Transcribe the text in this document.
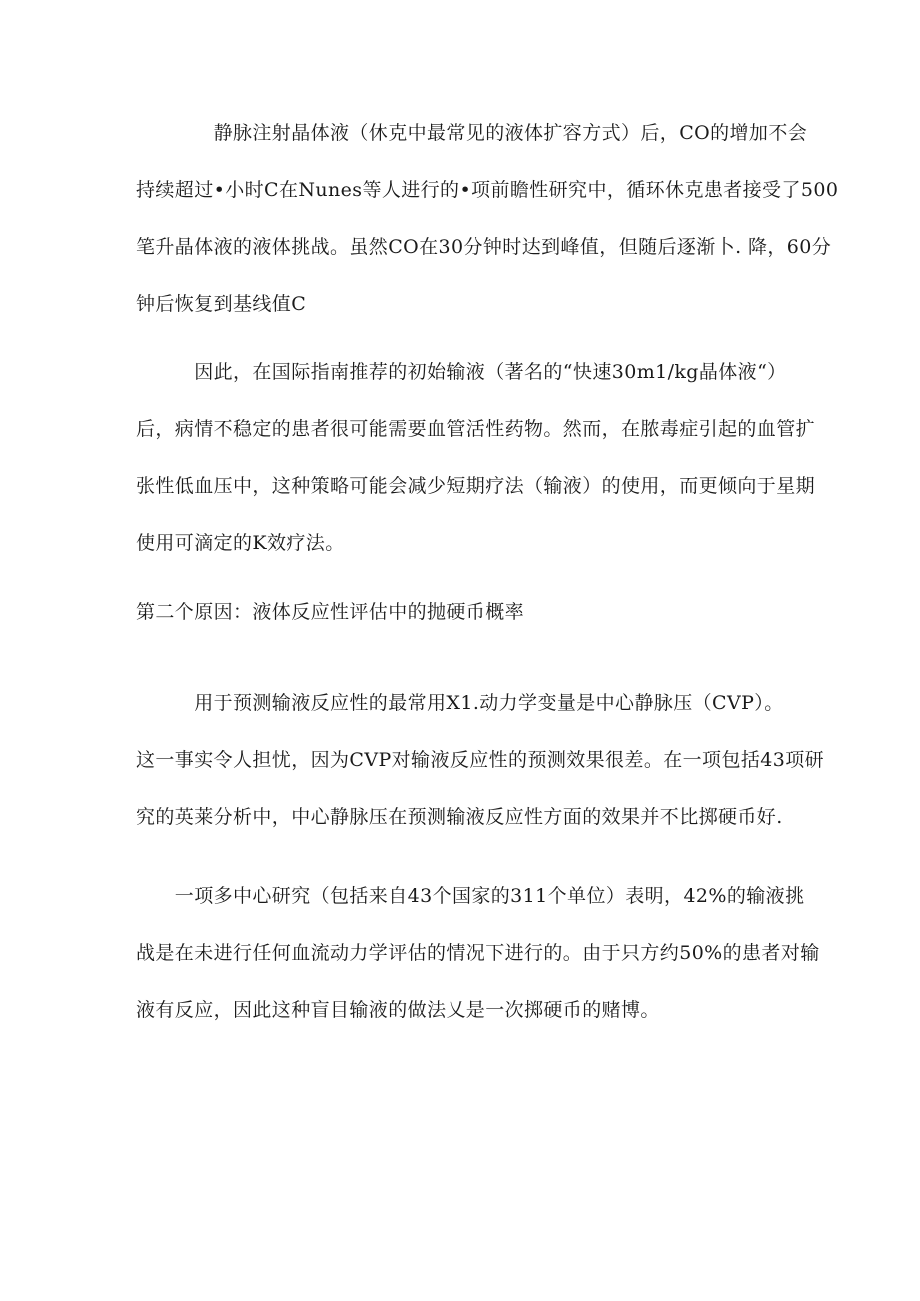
　　　　静脉注射晶体液（休克中最常见的液体扩容方式）后，CO的增加不会
持续超过•小时C在Nunes等人进行的•项前瞻性研究中，循环休克患者接受了500
笔升晶体液的液体挑战。虽然CO在30分钟时达到峰值，但随后逐渐卜. 降，60分
钟后恢复到基线值C
　　　因此，在国际指南推荐的初始输液（著名的“快速30m1∕kg晶体液“）
后，病情不稳定的患者很可能需要血管活性药物。然而，在脓毒症引起的血管扩
张性低血压中，这种策略可能会减少短期疗法（输液）的使用，而更倾向于星期
使用可滴定的K效疗法。
第二个原因：液体反应性评估中的抛硬币概率
　　　用于预测输液反应性的最常用X1.动力学变量是中心静脉压（CVP）。
这一事实令人担忧，因为CVP对输液反应性的预测效果很差。在一项包括43项研
究的英莱分析中，中心静脉压在预测输液反应性方面的效果并不比掷硬币好.
　　一项多中心研究（包括来自43个国家的311个单位）表明，42%的输液挑
战是在未进行任何血流动力学评估的情况下进行的。由于只方约50%的患者对输
液有反应，因此这种盲目输液的做法乂是一次掷硬币的赌博。
